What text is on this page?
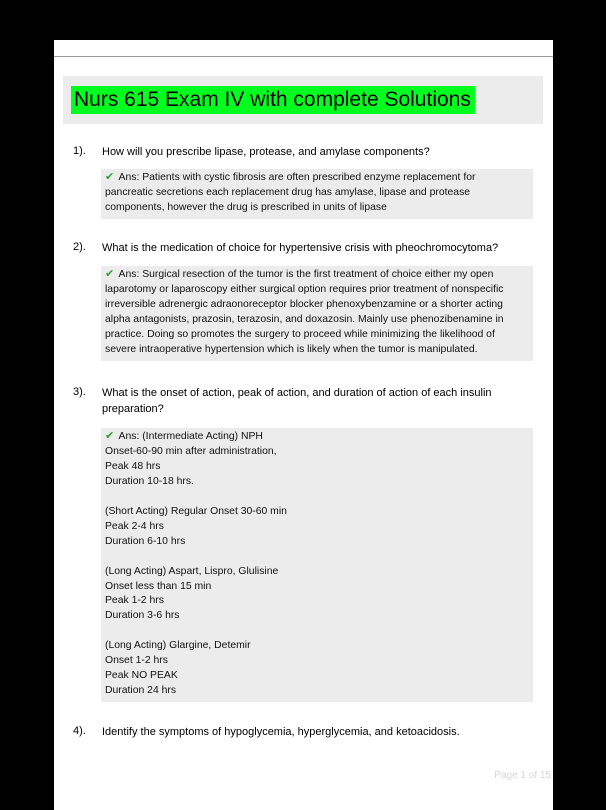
Nurs 615 Exam IV with complete Solutions
1). How will you prescribe lipase, protease, and amylase components?
✔ Ans: Patients with cystic fibrosis are often prescribed enzyme replacement for
pancreatic secretions each replacement drug has amylase, lipase and protease
components, however the drug is prescribed in units of lipase
2). What is the medication of choice for hypertensive crisis with pheochromocytoma?
✔ Ans: Surgical resection of the tumor is the first treatment of choice either my open
laparotomy or laparoscopy either surgical option requires prior treatment of nonspecific
irreversible adrenergic adraonoreceptor blocker phenoxybenzamine or a shorter acting
alpha antagonists, prazosin, terazosin, and doxazosin. Mainly use phenozibenamine in
practice. Doing so promotes the surgery to proceed while minimizing the likelihood of
severe intraoperative hypertension which is likely when the tumor is manipulated.
3). What is the onset of action, peak of action, and duration of action of each insulin
preparation?
✔ Ans: (Intermediate Acting) NPH
Onset-60-90 min after administration,
Peak 48 hrs
Duration 10-18 hrs.
(Short Acting) Regular Onset 30-60 min
Peak 2-4 hrs
Duration 6-10 hrs
(Long Acting) Aspart, Lispro, Glulisine
Onset less than 15 min
Peak 1-2 hrs
Duration 3-6 hrs
(Long Acting) Glargine, Detemir
Onset 1-2 hrs
Peak NO PEAK
Duration 24 hrs
4). Identify the symptoms of hypoglycemia, hyperglycemia, and ketoacidosis.
Page 1 of 15
